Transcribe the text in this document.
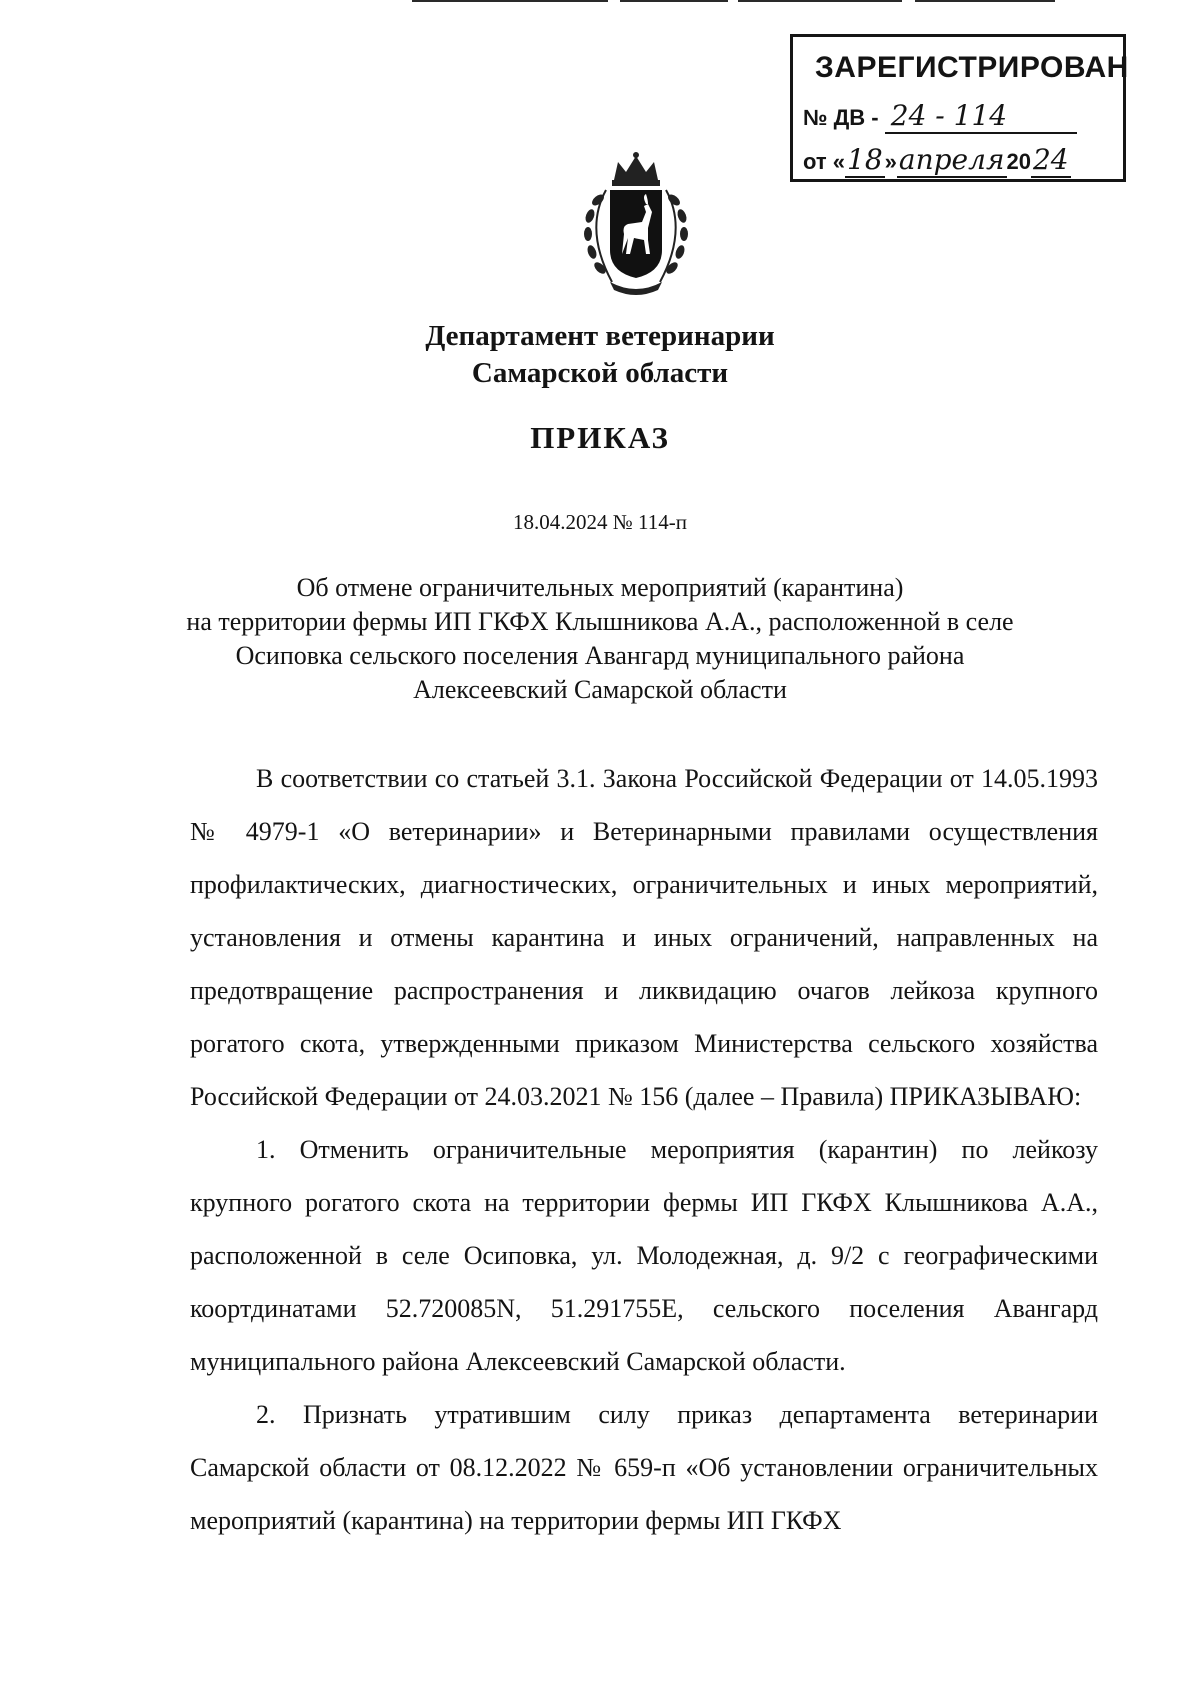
ЗАРЕГИСТРИРОВАН
№ ДВ - 24 - 114
от «18»апреля2024
Департамент ветеринарии
Самарской области
ПРИКАЗ
18.04.2024 № 114-п
Об отмене ограничительных мероприятий (карантина)
на территории фермы ИП ГКФХ Клышникова А.А., расположенной в селе
Осиповка сельского поселения Авангард муниципального района
Алексеевский Самарской области

В соответствии со статьей 3.1. Закона Российской Федерации от 14.05.1993 № 4979-1 «О ветеринарии» и Ветеринарными правилами осуществления профилактических, диагностических, ограничительных и иных мероприятий, установления и отмены карантина и иных ограничений, направленных на предотвращение распространения и ликвидацию очагов лейкоза крупного рогатого скота, утвержденными приказом Министерства сельского хозяйства Российской Федерации от 24.03.2021 № 156 (далее – Правила) ПРИКАЗЫВАЮ:

1. Отменить ограничительные мероприятия (карантин) по лейкозу крупного рогатого скота на территории фермы ИП ГКФХ Клышникова А.А., расположенной в селе Осиповка, ул. Молодежная, д. 9/2 с географическими коортдинатами 52.720085N, 51.291755E, сельского поселения Авангард муниципального района Алексеевский Самарской области.

2. Признать утратившим силу приказ департамента ветеринарии Самарской области от 08.12.2022 № 659-п «Об установлении ограничительных мероприятий (карантина) на территории фермы ИП ГКФХ
